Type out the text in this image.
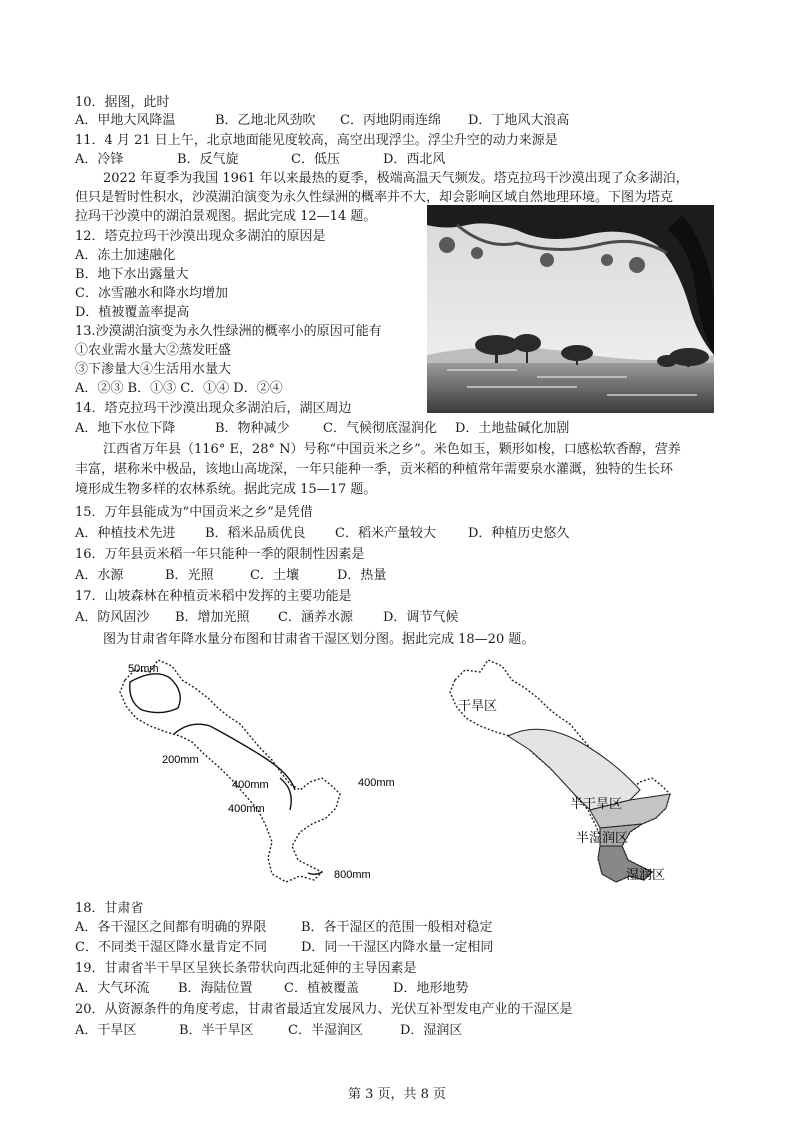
10．据图，此时
A．甲地大风降温	B．乙地北风劲吹 C．丙地阴雨连绵 D．丁地风大浪高
11．4 月 21 日上午，北京地面能见度较高，高空出现浮尘。浮尘升空的动力来源是
A．冷锋	B．反气旋	C．低压	D．西北风
2022 年夏季为我国 1961 年以来最热的夏季，极端高温天气频发。塔克拉玛干沙漠出现了众多湖泊，
但只是暂时性积水，沙漠湖泊演变为永久性绿洲的概率并不大，却会影响区域自然地理环境。下图为塔克
拉玛干沙漠中的湖泊景观图。据此完成 12—14 题。
12．塔克拉玛干沙漠出现众多湖泊的原因是
A．冻土加速融化
B．地下水出露量大
C．冰雪融水和降水均增加
D．植被覆盖率提高
13.沙漠湖泊演变为永久性绿洲的概率小的原因可能有
①农业需水量大②蒸发旺盛
③下渗量大④生活用水量大
A．②③ B．①③ C．①④ D．②④
14．塔克拉玛干沙漠出现众多湖泊后，湖区周边
A．地下水位下降	B．物种减少	C．气候彻底湿润化 D．土地盐碱化加剧
江西省万年县（116° E，28° N）号称“中国贡米之乡”。米色如玉，颗形如梭，口感松软香醇，营养
丰富，堪称米中极品，该地山高垅深，一年只能种一季，贡米稻的种植常年需要泉水灌溉，独特的生长环
境形成生物多样的农林系统。据此完成 15—17 题。
15．万年县能成为“中国贡米之乡”是凭借
A．种植技术先进 B．稻米品质优良 C．稻米产量较大 D．种植历史悠久
16．万年县贡米稻一年只能种一季的限制性因素是
A．水源	B．光照	C．土壤	D．热量
17．山坡森林在种植贡米稻中发挥的主要功能是
A．防风固沙 B．增加光照 C．涵养水源 D．调节气候
图为甘肃省年降水量分布图和甘肃省干湿区划分图。据此完成 18—20 题。
50mm
200mm
400mm	400mm
400mm
800mm
干旱区
半干旱区
半湿润区
湿润区
18．甘肃省
A．各干湿区之间都有明确的界限	B．各干湿区的范围一般相对稳定
C．不同类干湿区降水量肯定不同	D．同一干湿区内降水量一定相同
19．甘肃省半干旱区呈狭长条带状向西北延伸的主导因素是
A．大气环流 B．海陆位置 C．植被覆盖	D．地形地势
20．从资源条件的角度考虑，甘肃省最适宜发展风力、光伏互补型发电产业的干湿区是
A．干旱区	B．半干旱区	C．半湿润区	D．湿润区
第 3 页，共 8 页
